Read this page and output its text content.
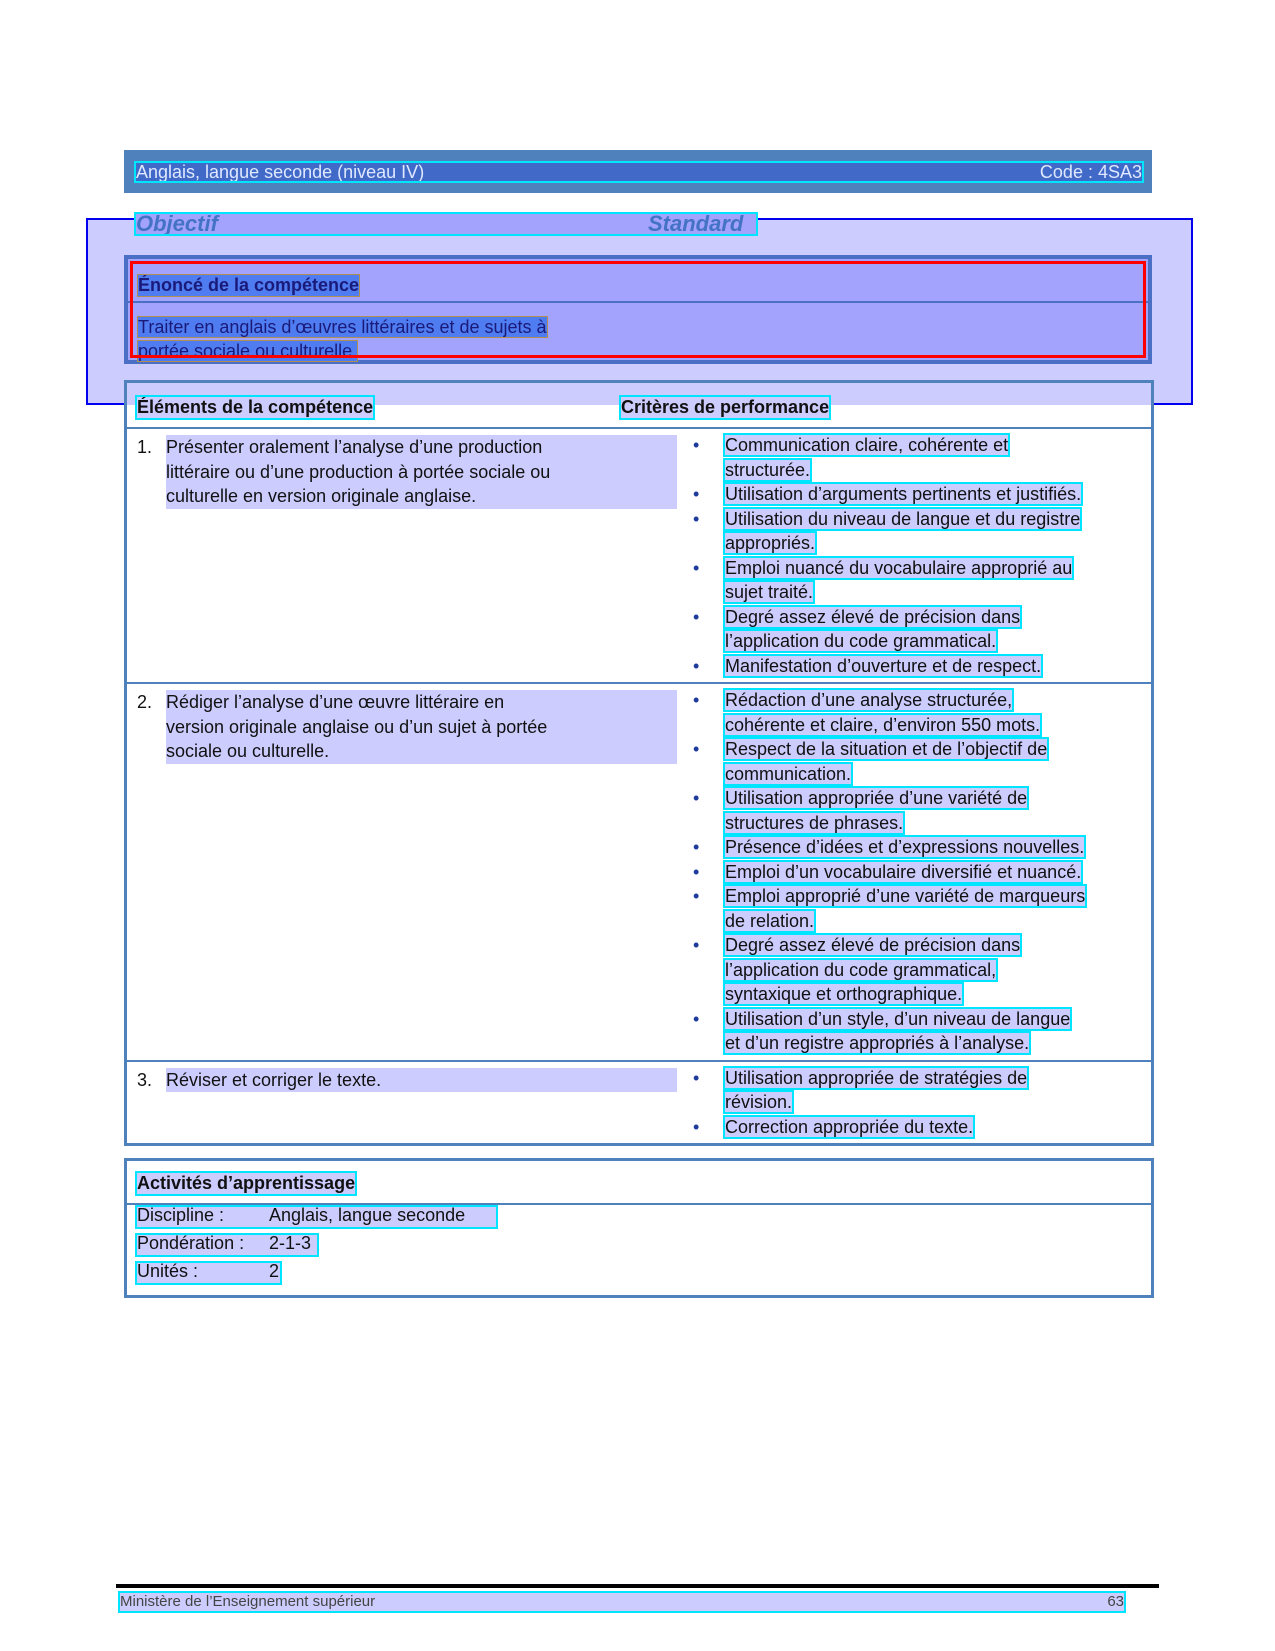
Anglais, langue seconde (niveau IV)	Code : 4SA3
Objectif	Standard
Énoncé de la compétence
Traiter en anglais d’œuvres littéraires et de sujets à
portée sociale ou culturelle.
Éléments de la compétence	Critères de performance
1. Présenter oralement l’analyse d’une production
littéraire ou d’une production à portée sociale ou
culturelle en version originale anglaise.
• Communication claire, cohérente et
structurée.
• Utilisation d’arguments pertinents et justifiés.
• Utilisation du niveau de langue et du registre
appropriés.
• Emploi nuancé du vocabulaire approprié au
sujet traité.
• Degré assez élevé de précision dans
l’application du code grammatical.
• Manifestation d’ouverture et de respect.
2. Rédiger l’analyse d’une œuvre littéraire en
version originale anglaise ou d’un sujet à portée
sociale ou culturelle.
• Rédaction d’une analyse structurée,
cohérente et claire, d’environ 550 mots.
• Respect de la situation et de l’objectif de
communication.
• Utilisation appropriée d’une variété de
structures de phrases.
• Présence d’idées et d’expressions nouvelles.
• Emploi d’un vocabulaire diversifié et nuancé.
• Emploi approprié d’une variété de marqueurs
de relation.
• Degré assez élevé de précision dans
l’application du code grammatical,
syntaxique et orthographique.
• Utilisation d’un style, d’un niveau de langue
et d’un registre appropriés à l’analyse.
3. Réviser et corriger le texte.	• Utilisation appropriée de stratégies de
révision.
• Correction appropriée du texte.
Activités d’apprentissage
Discipline : Anglais, langue seconde
Pondération : 2-1-3
Unités :	2
Ministère de l’Enseignement supérieur	63
